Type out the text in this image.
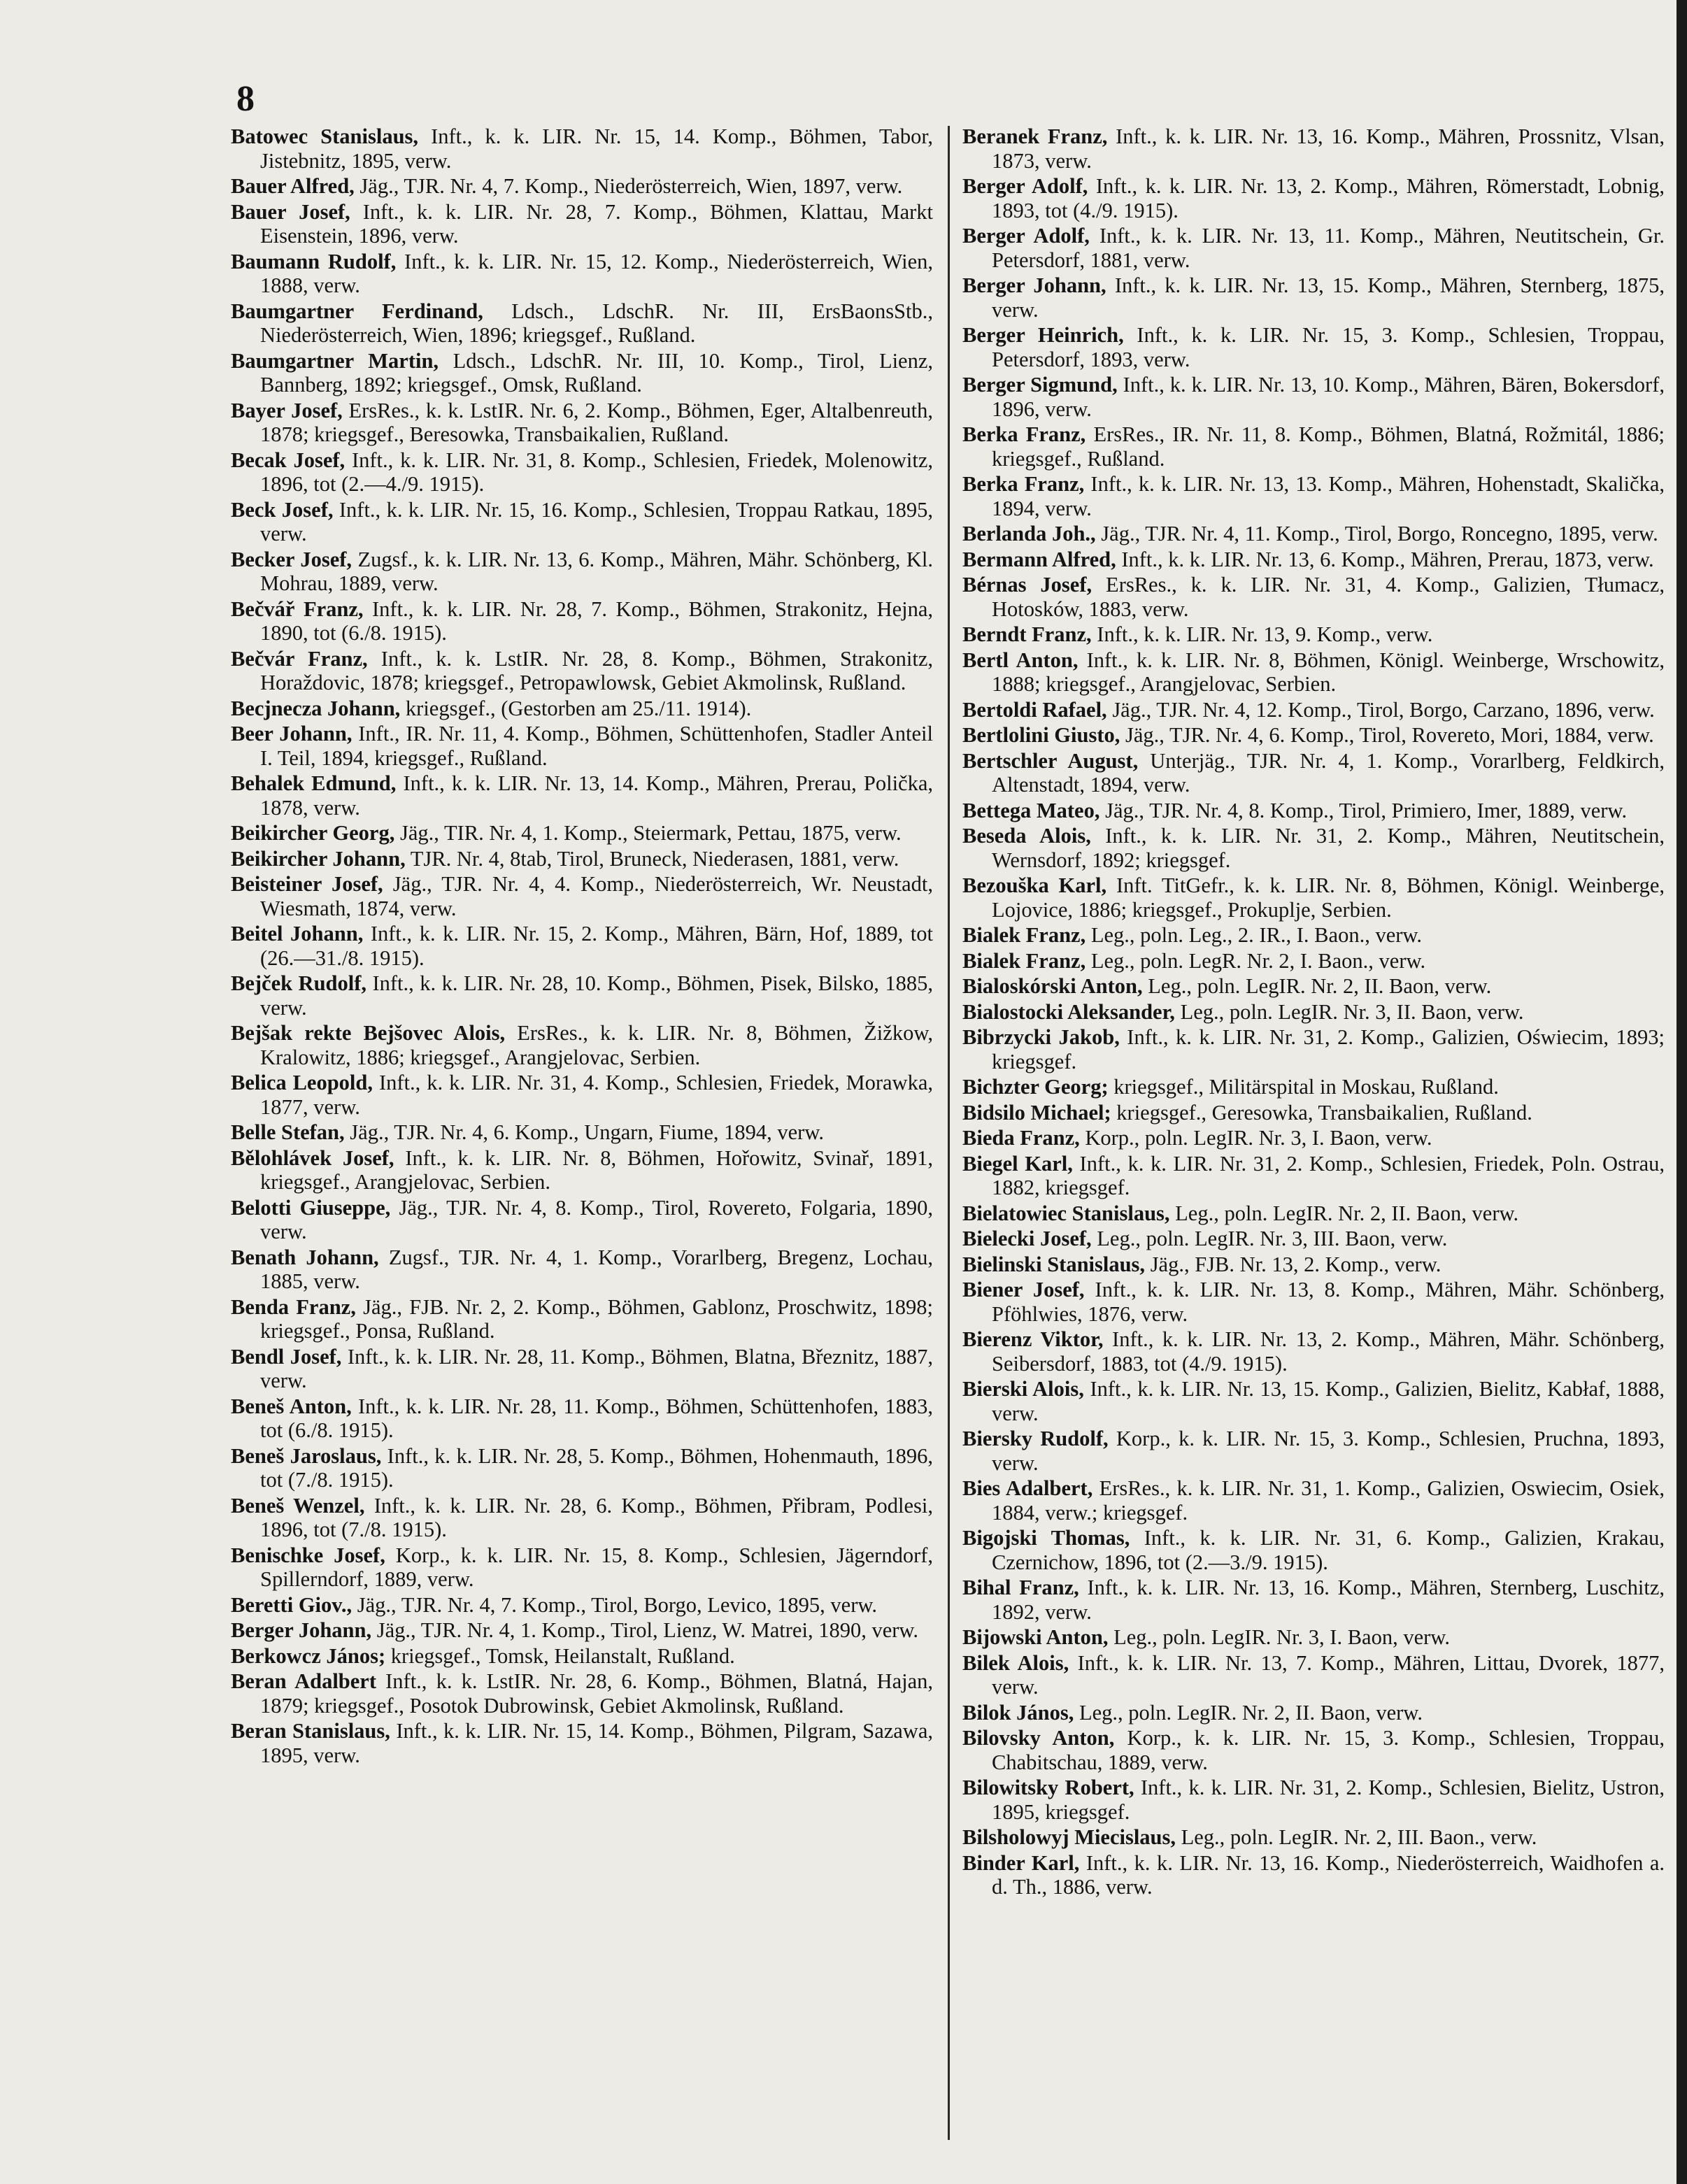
8
Batowec Stanislaus, Inft., k. k. LIR. Nr. 15, 14. Komp., Böhmen, Tabor, Jistebnitz, 1895, verw.
Bauer Alfred, Jäg., TJR. Nr. 4, 7. Komp., Niederösterreich, Wien, 1897, verw.
Bauer Josef, Inft., k. k. LIR. Nr. 28, 7. Komp., Böhmen, Klattau, Markt Eisenstein, 1896, verw.
Baumann Rudolf, Inft., k. k. LIR. Nr. 15, 12. Komp., Niederösterreich, Wien, 1888, verw.
Baumgartner Ferdinand, Ldsch., LdschR. Nr. III, ErsBaonsStb., Niederösterreich, Wien, 1896; kriegsgef., Rußland.
Baumgartner Martin, Ldsch., LdschR. Nr. III, 10. Komp., Tirol, Lienz, Bannberg, 1892; kriegsgef., Omsk, Rußland.
Bayer Josef, ErsRes., k. k. LstIR. Nr. 6, 2. Komp., Böhmen, Eger, Altalbenreuth, 1878; kriegsgef., Beresowka, Transbaikalien, Rußland.
Becak Josef, Inft., k. k. LIR. Nr. 31, 8. Komp., Schlesien, Friedek, Molenowitz, 1896, tot (2.—4./9. 1915).
Beck Josef, Inft., k. k. LIR. Nr. 15, 16. Komp., Schlesien, Troppau Ratkau, 1895, verw.
Becker Josef, Zugsf., k. k. LIR. Nr. 13, 6. Komp., Mähren, Mähr. Schönberg, Kl. Mohrau, 1889, verw.
Bečvář Franz, Inft., k. k. LIR. Nr. 28, 7. Komp., Böhmen, Strakonitz, Hejna, 1890, tot (6./8. 1915).
Bečvár Franz, Inft., k. k. LstIR. Nr. 28, 8. Komp., Böhmen, Strakonitz, Horaždovic, 1878; kriegsgef., Petropawlowsk, Gebiet Akmolinsk, Rußland.
Becjnecza Johann, kriegsgef., (Gestorben am 25./11. 1914).
Beer Johann, Inft., IR. Nr. 11, 4. Komp., Böhmen, Schüttenhofen, Stadler Anteil I. Teil, 1894, kriegsgef., Rußland.
Behalek Edmund, Inft., k. k. LIR. Nr. 13, 14. Komp., Mähren, Prerau, Polička, 1878, verw.
Beikircher Georg, Jäg., TIR. Nr. 4, 1. Komp., Steiermark, Pettau, 1875, verw.
Beikircher Johann, TJR. Nr. 4, 8tab, Tirol, Bruneck, Niederasen, 1881, verw.
Beisteiner Josef, Jäg., TJR. Nr. 4, 4. Komp., Niederösterreich, Wr. Neustadt, Wiesmath, 1874, verw.
Beitel Johann, Inft., k. k. LIR. Nr. 15, 2. Komp., Mähren, Bärn, Hof, 1889, tot (26.—31./8. 1915).
Bejček Rudolf, Inft., k. k. LIR. Nr. 28, 10. Komp., Böhmen, Pisek, Bilsko, 1885, verw.
Bejšak rekte Bejšovec Alois, ErsRes., k. k. LIR. Nr. 8, Böhmen, Žižkow, Kralowitz, 1886; kriegsgef., Arangjelovac, Serbien.
Belica Leopold, Inft., k. k. LIR. Nr. 31, 4. Komp., Schlesien, Friedek, Morawka, 1877, verw.
Belle Stefan, Jäg., TJR. Nr. 4, 6. Komp., Ungarn, Fiume, 1894, verw.
Bělohlávek Josef, Inft., k. k. LIR. Nr. 8, Böhmen, Hořowitz, Svinař, 1891, kriegsgef., Arangjelovac, Serbien.
Belotti Giuseppe, Jäg., TJR. Nr. 4, 8. Komp., Tirol, Rovereto, Folgaria, 1890, verw.
Benath Johann, Zugsf., TJR. Nr. 4, 1. Komp., Vorarlberg, Bregenz, Lochau, 1885, verw.
Benda Franz, Jäg., FJB. Nr. 2, 2. Komp., Böhmen, Gablonz, Proschwitz, 1898; kriegsgef., Ponsa, Rußland.
Bendl Josef, Inft., k. k. LIR. Nr. 28, 11. Komp., Böhmen, Blatna, Březnitz, 1887, verw.
Beneš Anton, Inft., k. k. LIR. Nr. 28, 11. Komp., Böhmen, Schüttenhofen, 1883, tot (6./8. 1915).
Beneš Jaroslaus, Inft., k. k. LIR. Nr. 28, 5. Komp., Böhmen, Hohenmauth, 1896, tot (7./8. 1915).
Beneš Wenzel, Inft., k. k. LIR. Nr. 28, 6. Komp., Böhmen, Přibram, Podlesi, 1896, tot (7./8. 1915).
Benischke Josef, Korp., k. k. LIR. Nr. 15, 8. Komp., Schlesien, Jägerndorf, Spillerndorf, 1889, verw.
Beretti Giov., Jäg., TJR. Nr. 4, 7. Komp., Tirol, Borgo, Levico, 1895, verw.
Berger Johann, Jäg., TJR. Nr. 4, 1. Komp., Tirol, Lienz, W. Matrei, 1890, verw.
Berkowcz János; kriegsgef., Tomsk, Heilanstalt, Rußland.
Beran Adalbert Inft., k. k. LstIR. Nr. 28, 6. Komp., Böhmen, Blatná, Hajan, 1879; kriegsgef., Posotok Dubrowinsk, Gebiet Akmolinsk, Rußland.
Beran Stanislaus, Inft., k. k. LIR. Nr. 15, 14. Komp., Böhmen, Pilgram, Sazawa, 1895, verw.
Beranek Franz, Inft., k. k. LIR. Nr. 13, 16. Komp., Mähren, Prossnitz, Vlsan, 1873, verw.
Berger Adolf, Inft., k. k. LIR. Nr. 13, 2. Komp., Mähren, Römerstadt, Lobnig, 1893, tot (4./9. 1915).
Berger Adolf, Inft., k. k. LIR. Nr. 13, 11. Komp., Mähren, Neutitschein, Gr. Petersdorf, 1881, verw.
Berger Johann, Inft., k. k. LIR. Nr. 13, 15. Komp., Mähren, Sternberg, 1875, verw.
Berger Heinrich, Inft., k. k. LIR. Nr. 15, 3. Komp., Schlesien, Troppau, Petersdorf, 1893, verw.
Berger Sigmund, Inft., k. k. LIR. Nr. 13, 10. Komp., Mähren, Bären, Bokersdorf, 1896, verw.
Berka Franz, ErsRes., IR. Nr. 11, 8. Komp., Böhmen, Blatná, Rožmitál, 1886; kriegsgef., Rußland.
Berka Franz, Inft., k. k. LIR. Nr. 13, 13. Komp., Mähren, Hohenstadt, Skalička, 1894, verw.
Berlanda Joh., Jäg., TJR. Nr. 4, 11. Komp., Tirol, Borgo, Roncegno, 1895, verw.
Bermann Alfred, Inft., k. k. LIR. Nr. 13, 6. Komp., Mähren, Prerau, 1873, verw.
Bérnas Josef, ErsRes., k. k. LIR. Nr. 31, 4. Komp., Galizien, Tłumacz, Hotosków, 1883, verw.
Berndt Franz, Inft., k. k. LIR. Nr. 13, 9. Komp., verw.
Bertl Anton, Inft., k. k. LIR. Nr. 8, Böhmen, Königl. Weinberge, Wrschowitz, 1888; kriegsgef., Arangjelovac, Serbien.
Bertoldi Rafael, Jäg., TJR. Nr. 4, 12. Komp., Tirol, Borgo, Carzano, 1896, verw.
Bertlolini Giusto, Jäg., TJR. Nr. 4, 6. Komp., Tirol, Rovereto, Mori, 1884, verw.
Bertschler August, Unterjäg., TJR. Nr. 4, 1. Komp., Vorarlberg, Feldkirch, Altenstadt, 1894, verw.
Bettega Mateo, Jäg., TJR. Nr. 4, 8. Komp., Tirol, Primiero, Imer, 1889, verw.
Beseda Alois, Inft., k. k. LIR. Nr. 31, 2. Komp., Mähren, Neutitschein, Wernsdorf, 1892; kriegsgef.
Bezouška Karl, Inft. TitGefr., k. k. LIR. Nr. 8, Böhmen, Königl. Weinberge, Lojovice, 1886; kriegsgef., Prokuplje, Serbien.
Bialek Franz, Leg., poln. Leg., 2. IR., I. Baon., verw.
Bialek Franz, Leg., poln. LegR. Nr. 2, I. Baon., verw.
Bialoskórski Anton, Leg., poln. LegIR. Nr. 2, II. Baon, verw.
Bialostocki Aleksander, Leg., poln. LegIR. Nr. 3, II. Baon, verw.
Bibrzycki Jakob, Inft., k. k. LIR. Nr. 31, 2. Komp., Galizien, Oświecim, 1893; kriegsgef.
Bichzter Georg; kriegsgef., Militärspital in Moskau, Rußland.
Bidsilo Michael; kriegsgef., Geresowka, Transbaikalien, Rußland.
Bieda Franz, Korp., poln. LegIR. Nr. 3, I. Baon, verw.
Biegel Karl, Inft., k. k. LIR. Nr. 31, 2. Komp., Schlesien, Friedek, Poln. Ostrau, 1882, kriegsgef.
Bielatowiec Stanislaus, Leg., poln. LegIR. Nr. 2, II. Baon, verw.
Bielecki Josef, Leg., poln. LegIR. Nr. 3, III. Baon, verw.
Bielinski Stanislaus, Jäg., FJB. Nr. 13, 2. Komp., verw.
Biener Josef, Inft., k. k. LIR. Nr. 13, 8. Komp., Mähren, Mähr. Schönberg, Pföhlwies, 1876, verw.
Bierenz Viktor, Inft., k. k. LIR. Nr. 13, 2. Komp., Mähren, Mähr. Schönberg, Seibersdorf, 1883, tot (4./9. 1915).
Bierski Alois, Inft., k. k. LIR. Nr. 13, 15. Komp., Galizien, Bielitz, Kabłaf, 1888, verw.
Biersky Rudolf, Korp., k. k. LIR. Nr. 15, 3. Komp., Schlesien, Pruchna, 1893, verw.
Bies Adalbert, ErsRes., k. k. LIR. Nr. 31, 1. Komp., Galizien, Oswiecim, Osiek, 1884, verw.; kriegsgef.
Bigojski Thomas, Inft., k. k. LIR. Nr. 31, 6. Komp., Galizien, Krakau, Czernichow, 1896, tot (2.—3./9. 1915).
Bihal Franz, Inft., k. k. LIR. Nr. 13, 16. Komp., Mähren, Sternberg, Luschitz, 1892, verw.
Bijowski Anton, Leg., poln. LegIR. Nr. 3, I. Baon, verw.
Bilek Alois, Inft., k. k. LIR. Nr. 13, 7. Komp., Mähren, Littau, Dvorek, 1877, verw.
Bilok János, Leg., poln. LegIR. Nr. 2, II. Baon, verw.
Bilovsky Anton, Korp., k. k. LIR. Nr. 15, 3. Komp., Schlesien, Troppau, Chabitschau, 1889, verw.
Bilowitsky Robert, Inft., k. k. LIR. Nr. 31, 2. Komp., Schlesien, Bielitz, Ustron, 1895, kriegsgef.
Bilsholowyj Miecislaus, Leg., poln. LegIR. Nr. 2, III. Baon., verw.
Binder Karl, Inft., k. k. LIR. Nr. 13, 16. Komp., Niederösterreich, Waidhofen a. d. Th., 1886, verw.
